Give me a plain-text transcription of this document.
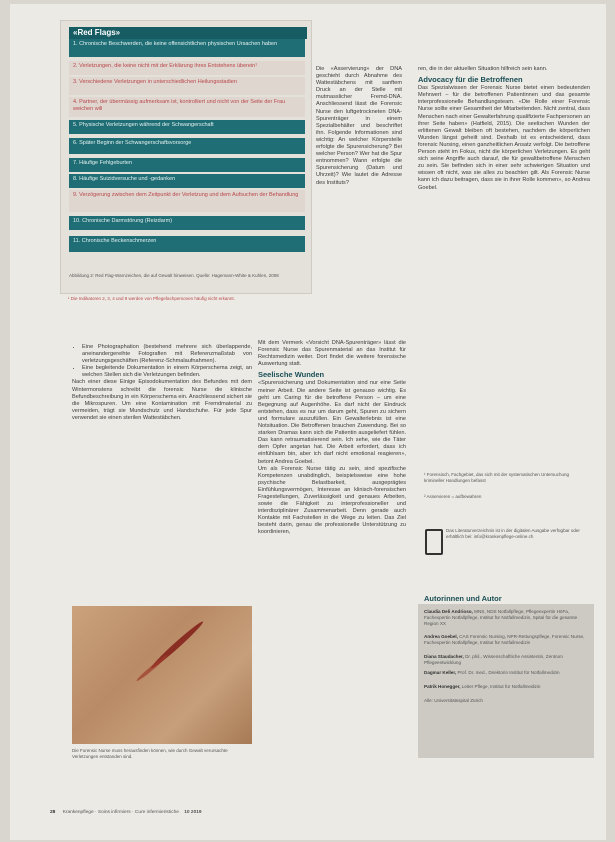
«Red Flags»
1. Chronische Beschwerden, die keine offensichtlichen physischen Ursachen haben
2. Verletzungen, die keine nicht mit der Erklärung ihres Entstehens überein¹
3. Verschiedene Verletzungen in unterschiedlichen Heilungsstadien
4. Partner, der übermässig aufmerksam ist, kontrolliert und nicht von der Seite der Frau weichen will
5. Physische Verletzungen während der Schwangerschaft
6. Später Beginn der Schwangerschaftsvorsorge
7. Häufige Fehlgeburten
8. Häufige Suizidversuche und -gedanken
9. Verzögerung zwischen dem Zeitpunkt der Verletzung und dem Aufsuchen der Behandlung
10. Chronische Darmstörung (Reizdarm)
11. Chronische Beckenschmerzen
Abbildung 2: Red Flag-Warnzeichen, die auf Gewalt hinweisen. Quelle: Hagemann-White & Kuhlen, 2008
¹ Die Indikatoren 2, 3, 4 und 9 werden von Pflegefachpersonen häufig nicht erkannt.
• Eine Photographation (bestehend mehrere sich überlappende, aneinandergereihte Fotografien mit Referenzmaßstab von verletzungsgeschäften (Referenz-Schmalaufnahmen).
• Eine begleitende Dokumentation in einem Körperschema zeigt, an welchen Stellen sich die Verletzungen befinden.
Nach einer diese Einige Episodokumentation des Befundes mit dem Wintermonstens schreibt die forensic Nurse die klinische Befundbeschreibung in ein Körperschema ein. Anschliessend sichert sie die Mikrospuren. Um eine Kontamination mit Fremdmaterial zu vermeiden, trägt sie Mundschutz und Handschuhe. Für jede Spur verwendet sie einen sterilen Wattestäbchen.
Die Forensic Nurse muss herausfinden können, wie durch Gewalt verursachte Verletzungen entstanden sind.
Die «Asservierung» der DNA geschieht durch Abnahme des Wattestäbchens mit sanftem Druck an der Stelle mit mutmasslicher Fremd-DNA. Anschliessend lässt die Forensic Nurse den luftgetrockneten DNA-Spurenträger in einem Spezialbehälter und beschriftet ihn. Folgende Informationen sind wichtig: An welcher Körperstelle erfolgte die Spurensicherung? Bei welcher Person? Wer hat die Spur entnommen? Wann erfolgte die Spurensicherung (Datum und Uhrzeit)? Wie lautet die Adresse des Instituts?
Mit dem Vermerk «Vorsicht DNA-Spurenträger» lässt die Forensic Nurse das Spurenmaterial an das Institut für Rechtsmedizin weiter. Dort findet die weitere forensische Auswertung statt.
Seelische Wunden
«Spurensicherung und Dokumentation sind nur eine Seite meiner Arbeit. Die andere Seite ist genauso wichtig. Es geht um Caring für die betroffene Person – um eine Begegnung auf Augenhöhe. Es darf nicht der Eindruck entstehen, dass es nur um darum geht, Spuren zu sichern und formulare auszufüllen. Ein Gewalterlebnis ist eine Notsituation. Die Betroffenen brauchen Zuwendung. Bei so starken Dramas kann sich die Patientin ausgeliefert fühlen. Das kann retraumatisierend sein. Ich sehe, wie die Täter dem Opfer angetan hat. Die Arbeit erfordert, dass ich einfühlsam bin, aber ich darf nicht emotional reagieren», betont Andrea Goebel.
Um als Forensic Nurse tätig zu sein, sind spezifische Kompetenzen unabdinglich, beispielsweise eine hohe psychische Belastbarkeit, ausgeprägtes Einfühlungsvermögen, Interesse an klinisch-forensischen Fragestellungen, Zuverlässigkeit und genaues Arbeiten, sowie die Fähigkeit zu interprofessioneller und interdisziplinärer Zusammenarbeit. Denn gerade auch Kontakte mit Fachstellen in die Wege zu leiten. Das Ziel besteht darin, genau die professionelle Unterstützung zu koordinieren,
ren, die in der aktuellen Situation hilfreich sein kann.
Advocacy für die Betroffenen
Das Spezialwissen der Forensic Nurse bietet einen bedeutenden Mehrwert – für die betroffenen Patientinnen und das gesamte interprofessionelle Behandlungsteam. «Die Rolle einer Forensic Nurse sollte einer Gesamtheit der Mitarbeitenden. Nicht zentral, dass Menschen nach einer Gewalterfahrung qualifizierte Fachpersonen an ihrer Seite haben» (Hatfield, 2015). Die seelischen Wunden der erlittenen Gewalt bleiben oft bestehen, nachdem die körperlichen Wunden längst geheilt sind. Deshalb ist es entscheidend, dass forensic Nursing, einen ganzheitlichen Ansatz verfolgt. Die betroffene Person steht im Fokus, nicht die körperlichen Verletzungen. Es geht sich seine Angriffe auch darauf, die für gewaltbetroffene Menschen zu sein. Sie befinden sich in einer sehr schwierigen Situation und wissen oft nicht, was sie alles zu beachten gilt. Als Forensic Nurse kann ich dazu beitragen, dass sie in ihrer Rolle kommen», so Andrea Goebel.
¹ Forensisch, Fachgebiet, das sich mit der systematischen Untersuchung krimineller Handlungen befasst
² Asservieren = aufbewahren
Das Literaturverzeichnis ist in der digitalen Ausgabe verfügbar oder erhältlich bei: info@krankenpflege-online.ch
Autorinnen und Autor
Claudia Deli Andrioso, MNS, NDS Notfallpflege, Pflegeexpertin HöFa, Fachexpertin Notfallpflege, Institut für Notfallmedizin, Spital für die gesamte Region XX
Andrea Goebel, CAS Forensic Nursing, NPR-Rettungspflege, Forensic Nurse, Fachexpertin Notfallpflege, Institut für Notfallmedizin
Diana Staudacher, Dr. phil., Wissenschaftliche Assistentin, Zentrum Pflegeentwicklung
Dagmar Keller, Prof. Dr. med., Direktorin Institut für Notfallmedizin
Patrik Honegger, Leiter Pflege, Institut für Notfallmedizin
Alle: Universitätsspital Zürich
28 Krankenpflege · Soins infirmiers · Cure infermieristiche 10 2019
